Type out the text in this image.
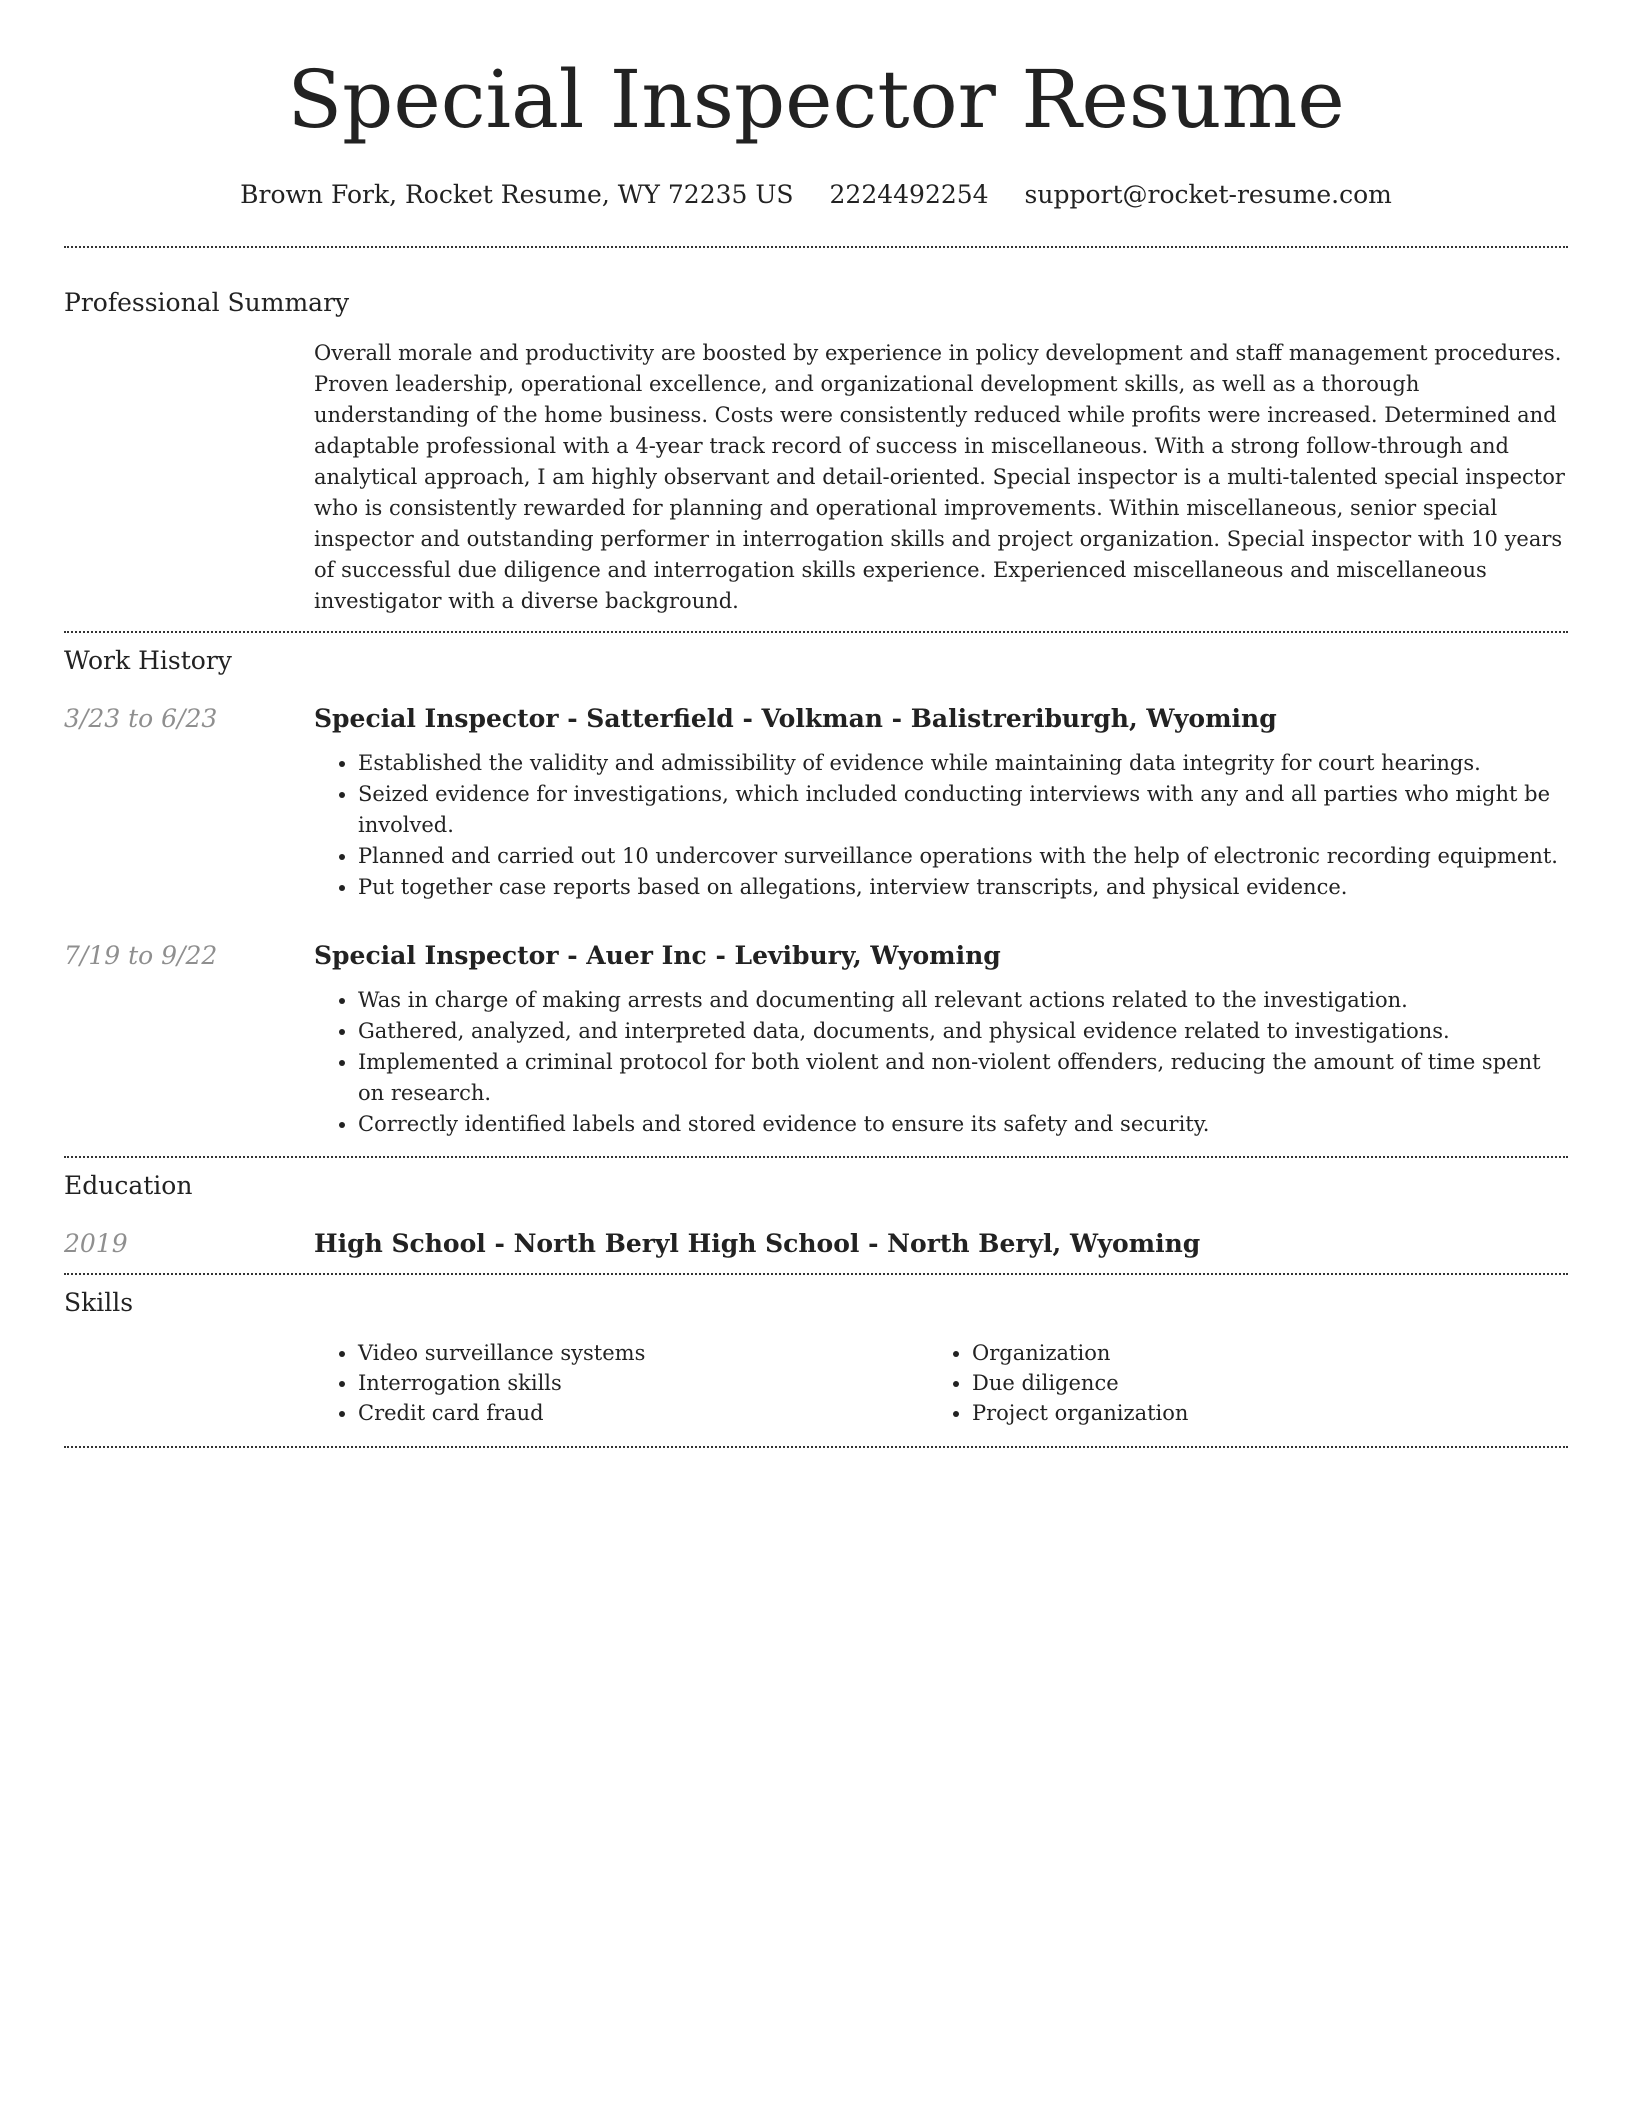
Special Inspector Resume
Brown Fork, Rocket Resume, WY 72235 US 2224492254 support@rocket-resume.com
Professional Summary

Overall morale and productivity are boosted by experience in policy development and staff management procedures. Proven leadership, operational excellence, and organizational development skills, as well as a thorough understanding of the home business. Costs were consistently reduced while profits were increased. Determined and adaptable professional with a 4-year track record of success in miscellaneous. With a strong follow-through and analytical approach, I am highly observant and detail-oriented. Special inspector is a multi-talented special inspector who is consistently rewarded for planning and operational improvements. Within miscellaneous, senior special inspector and outstanding performer in interrogation skills and project organization. Special inspector with 10 years of successful due diligence and interrogation skills experience. Experienced miscellaneous and miscellaneous investigator with a diverse background.

Work History
3/23 to 6/23	Special Inspector - Satterfield - Volkman - Balistreriburgh, Wyoming
• Established the validity and admissibility of evidence while maintaining data integrity for court hearings.
• Seized evidence for investigations, which included conducting interviews with any and all parties who might be involved.
• Planned and carried out 10 undercover surveillance operations with the help of electronic recording equipment.
• Put together case reports based on allegations, interview transcripts, and physical evidence.
7/19 to 9/22	Special Inspector - Auer Inc - Levibury, Wyoming
• Was in charge of making arrests and documenting all relevant actions related to the investigation.
• Gathered, analyzed, and interpreted data, documents, and physical evidence related to investigations.
• Implemented a criminal protocol for both violent and non-violent offenders, reducing the amount of time spent on research.
• Correctly identified labels and stored evidence to ensure its safety and security.
Education
2019	High School - North Beryl High School - North Beryl, Wyoming
Skills
• Video surveillance systems
• Interrogation skills
• Credit card fraud
• Organization
• Due diligence
• Project organization
